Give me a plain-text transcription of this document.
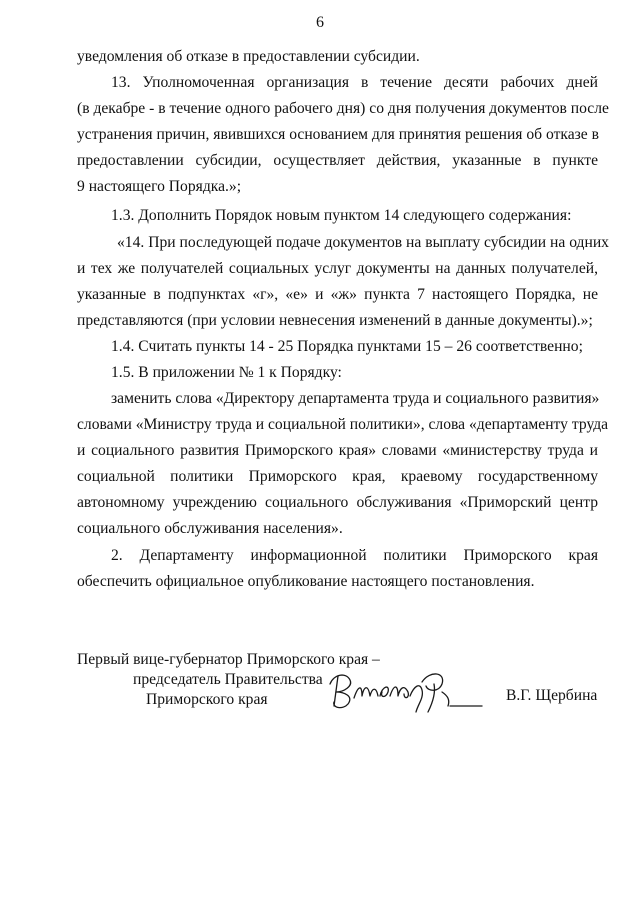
6
уведомления об отказе в предоставлении субсидии.
13. Уполномоченная организация в течение десяти рабочих дней
(в декабре - в течение одного рабочего дня) со дня получения документов после
устранения причин, явившихся основанием для принятия решения об отказе в
предоставлении субсидии, осуществляет действия, указанные в пункте
9 настоящего Порядка.»;
1.3. Дополнить Порядок новым пунктом 14 следующего содержания:
«14. При последующей подаче документов на выплату субсидии на одних
и тех же получателей социальных услуг документы на данных получателей,
указанные в подпунктах «г», «е» и «ж» пункта 7 настоящего Порядка, не
представляются (при условии невнесения изменений в данные документы).»;
1.4. Считать пункты 14 - 25 Порядка пунктами 15 – 26 соответственно;
1.5. В приложении № 1 к Порядку:
заменить слова «Директору департамента труда и социального развития»
словами «Министру труда и социальной политики», слова «департаменту труда
и социального развития Приморского края» словами «министерству труда и
социальной политики Приморского края, краевому государственному
автономному учреждению социального обслуживания «Приморский центр
социального обслуживания населения».
2. Департаменту информационной политики Приморского края
обеспечить официальное опубликование настоящего постановления.
Первый вице-губернатор Приморского края –
председатель Правительства
Приморского края	В.Г. Щербина
